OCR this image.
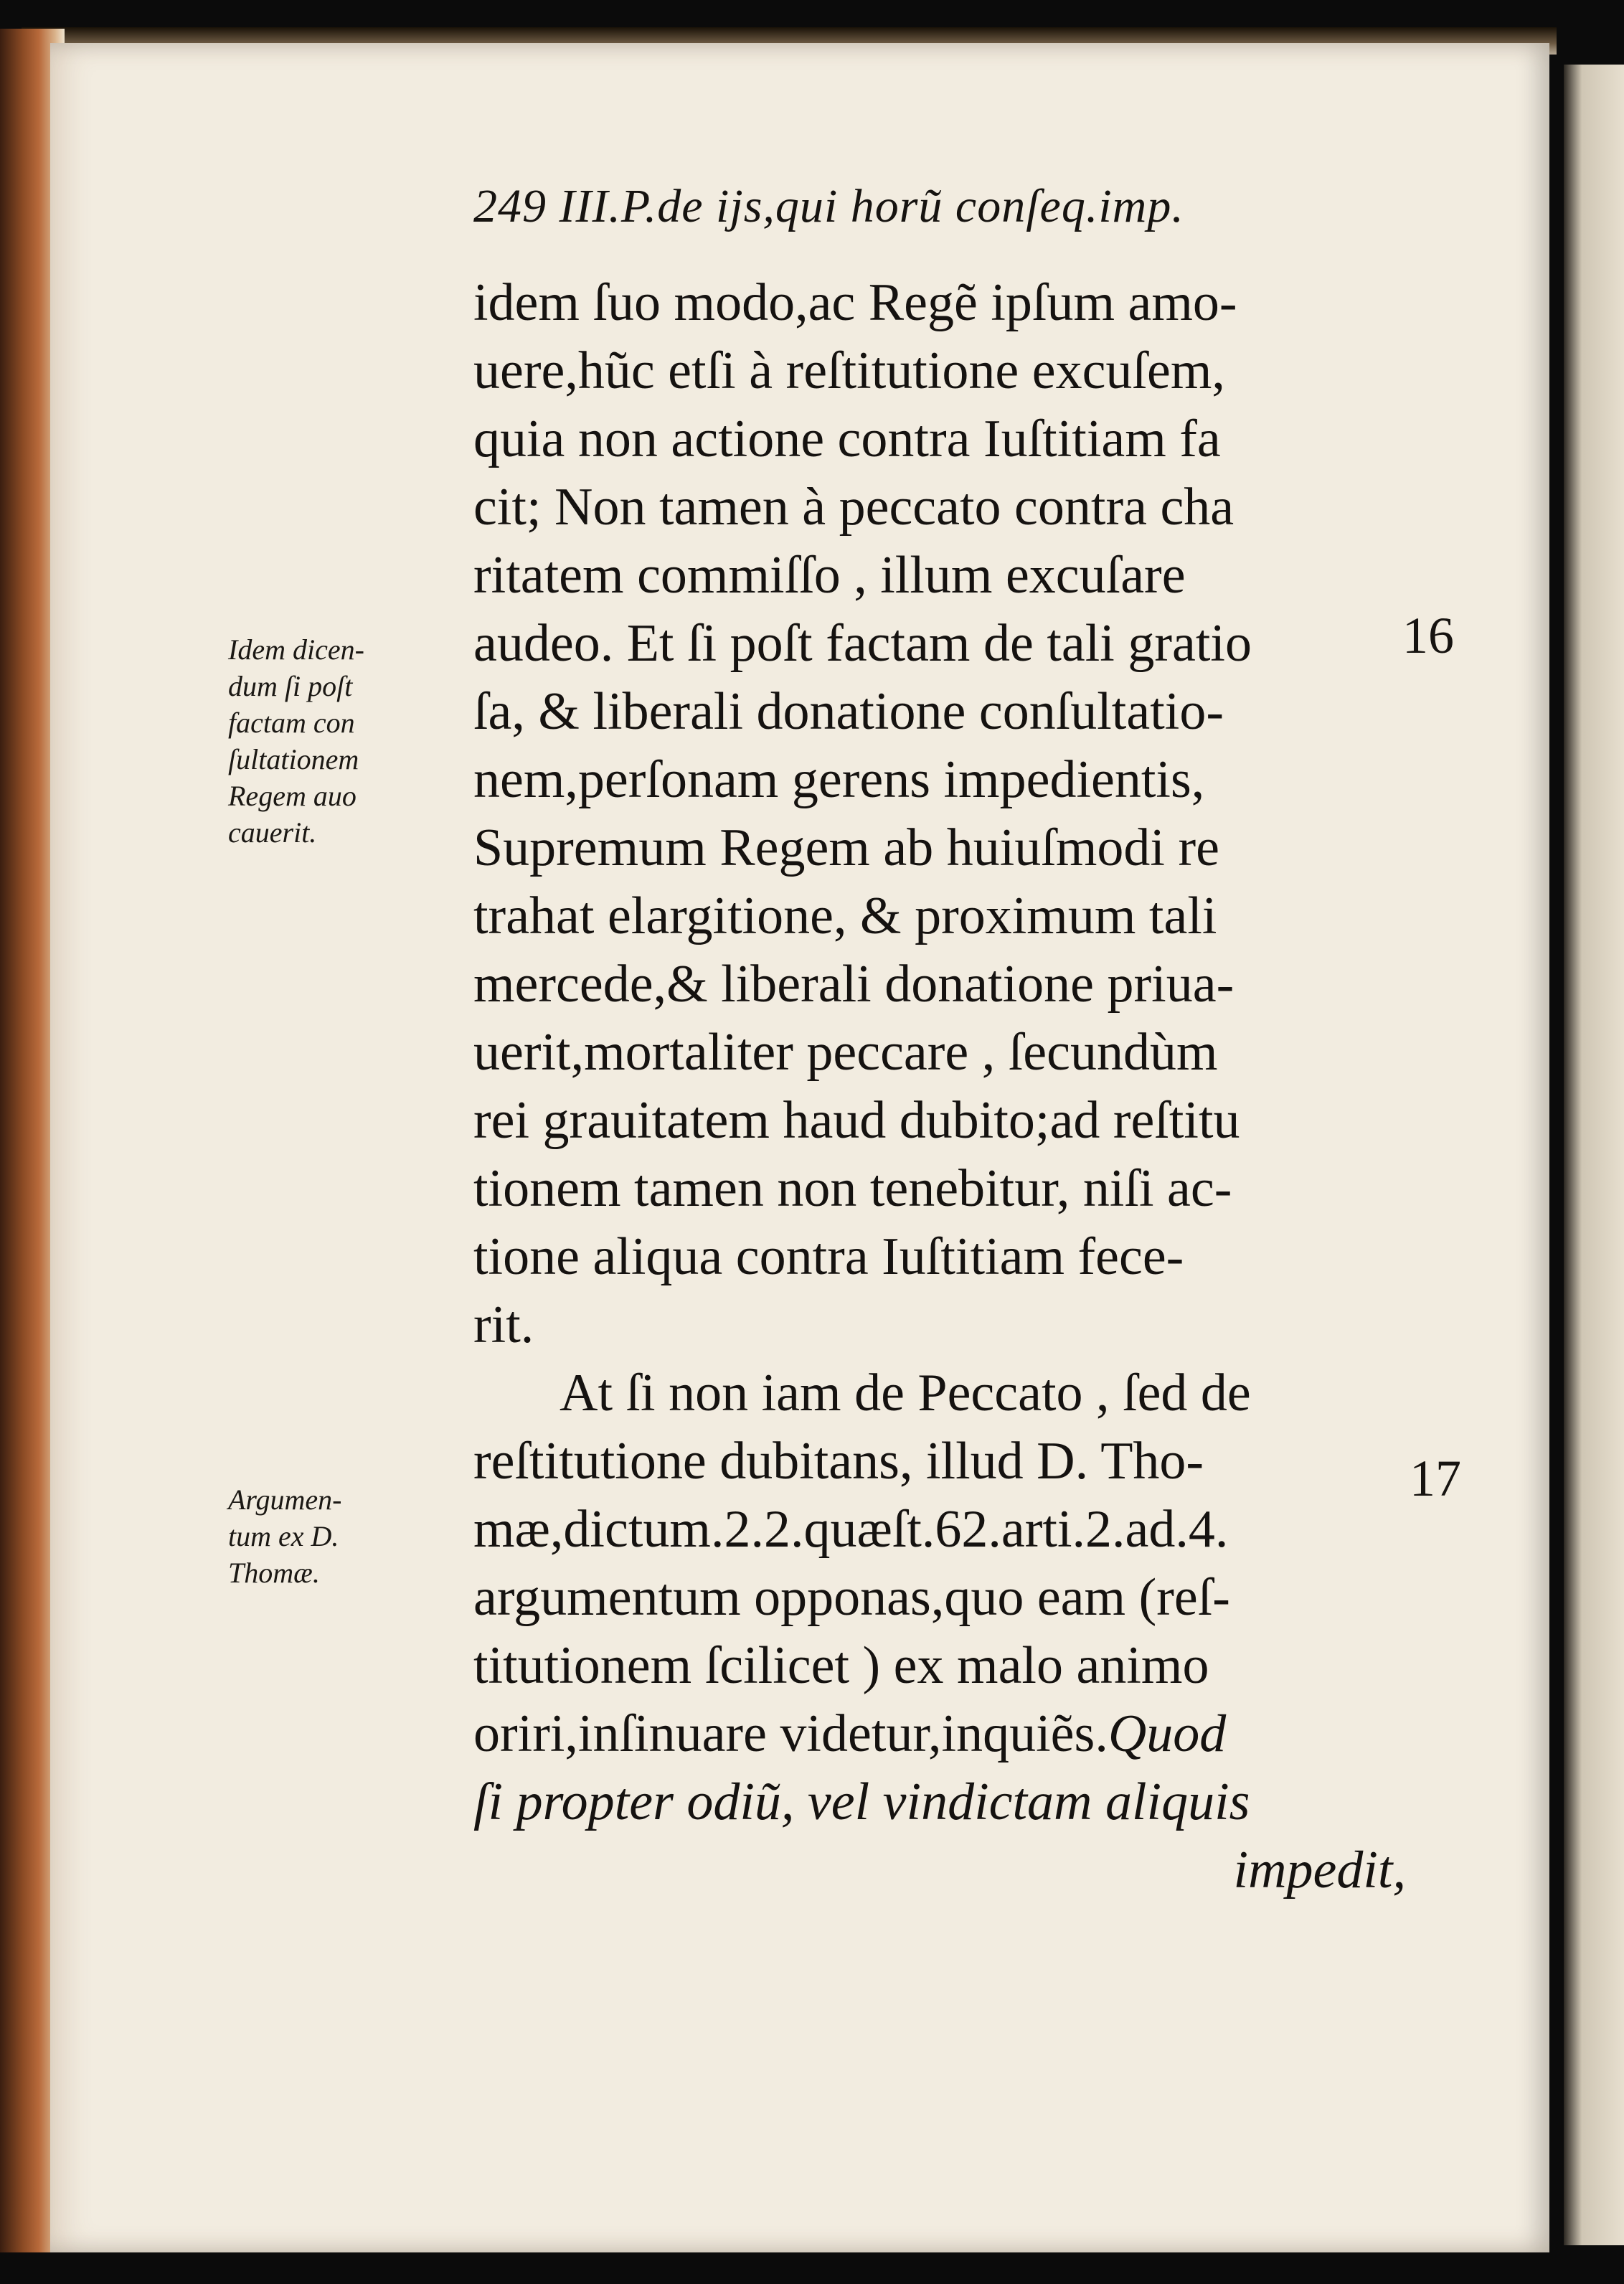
249 III.P.de ijs,qui horũ conſeq.imp.
idem ſuo modo,ac Regẽ ipſum amo-
uere,hũc etſi à reſtitutione excuſem,
quia non actione contra Iuſtitiam fa
cit; Non tamen à peccato contra cha
ritatem commiſſo , illum excuſare
audeo. Et ſi poſt factam de tali gratio
ſa, & liberali donatione conſultatio-
nem,perſonam gerens impedientis,
Supremum Regem ab huiuſmodi re
trahat elargitione, & proximum tali
mercede,& liberali donatione priua-
uerit,mortaliter peccare , ſecundùm
rei grauitatem haud dubito;ad reſtitu
tionem tamen non tenebitur, niſi ac-
tione aliqua contra Iuſtitiam fece-
rit.
At ſi non iam de Peccato , ſed de
reſtitutione dubitans, illud D. Tho-
mæ,dictum.2.2.quæſt.62.arti.2.ad.4.
argumentum opponas,quo eam (reſ-
titutionem ſcilicet ) ex malo animo
oriri,inſinuare videtur,inquiẽs.Quod
ſi propter odiũ, vel vindictam aliquis
impedit,
Idem dicen-
dum ſi poſt
factam con
ſultationem
Regem auo
cauerit.
Argumen-
tum ex D.
Thomæ.
16
17
